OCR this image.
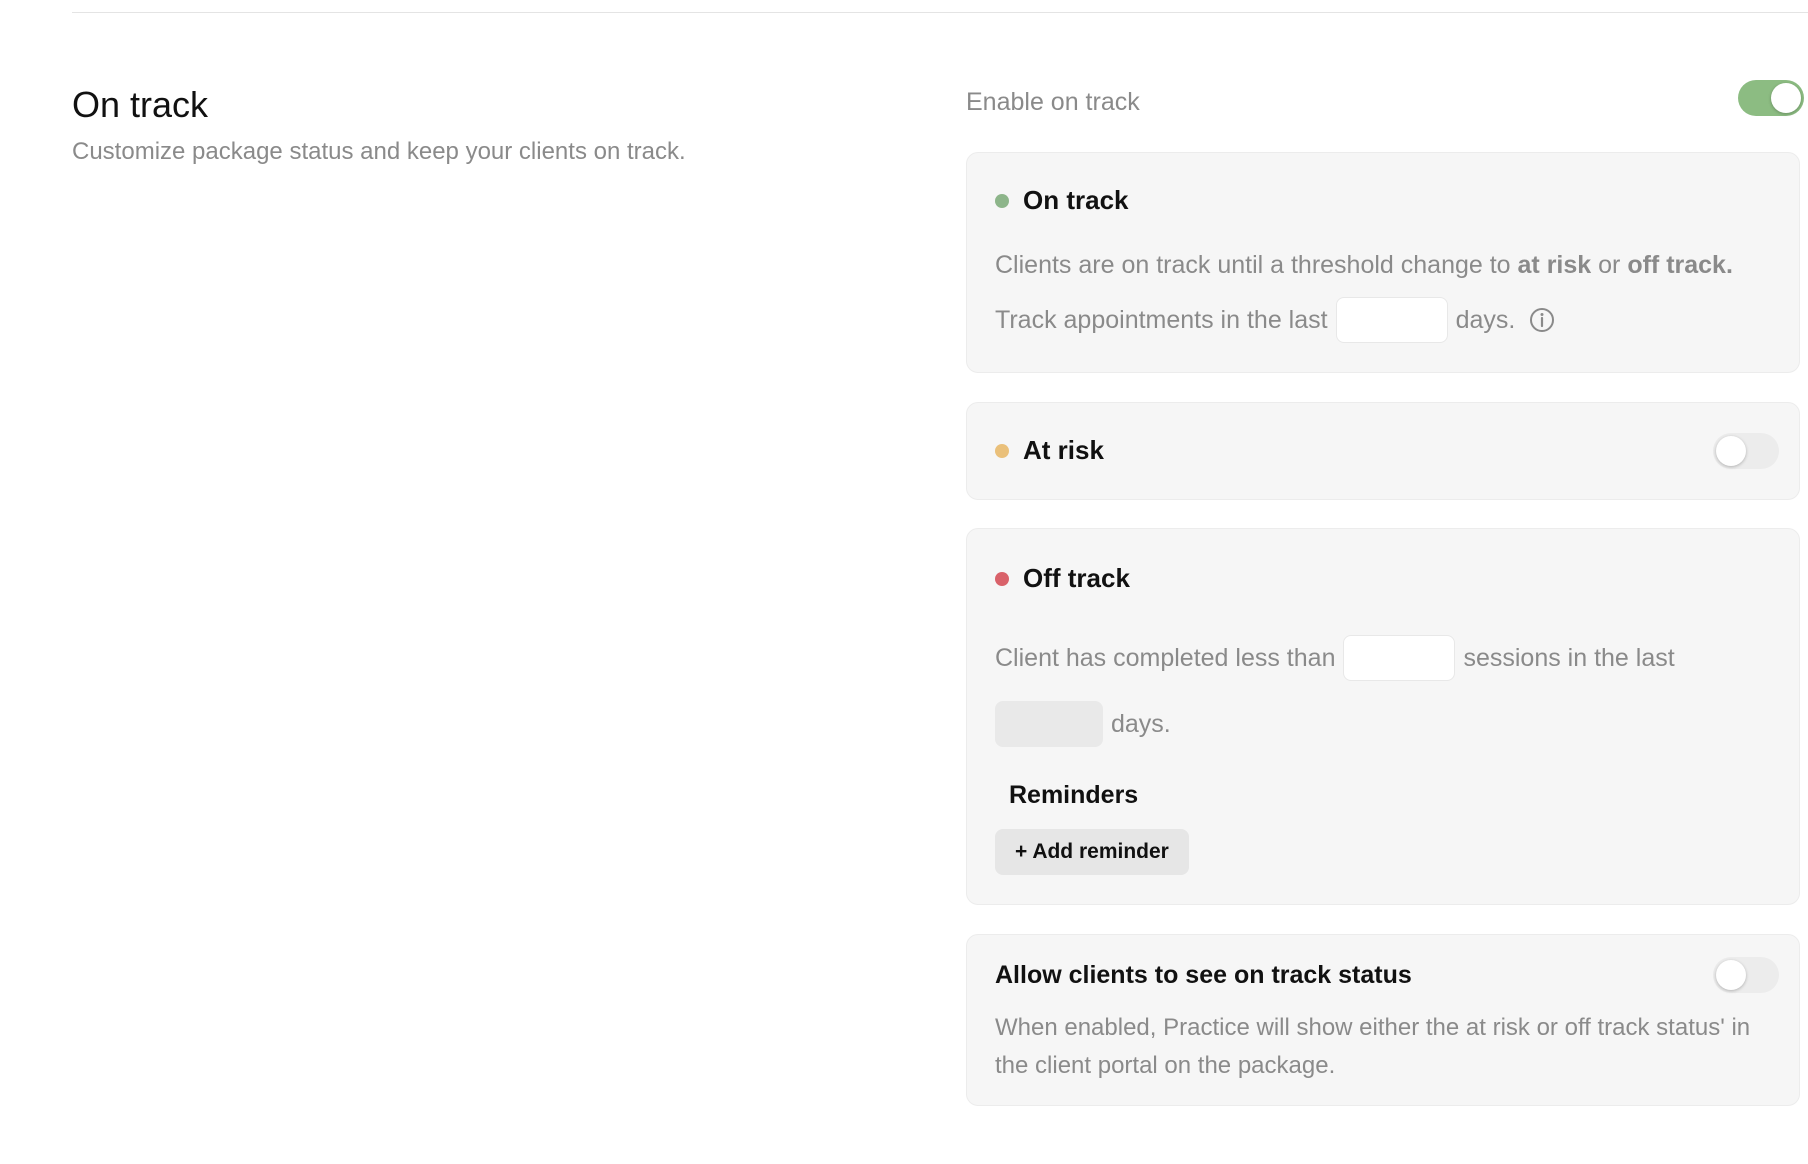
On track
Customize package status and keep your clients on track.
Enable on track
On track
Clients are on track until a threshold change to at risk or off track.
Track appointments in the last	days.
At risk
Off track
Client has completed less than	sessions in the last
days.
Reminders
+ Add reminder
Allow clients to see on track status
When enabled, Practice will show either the at risk or off track status' in the client portal on the package.
